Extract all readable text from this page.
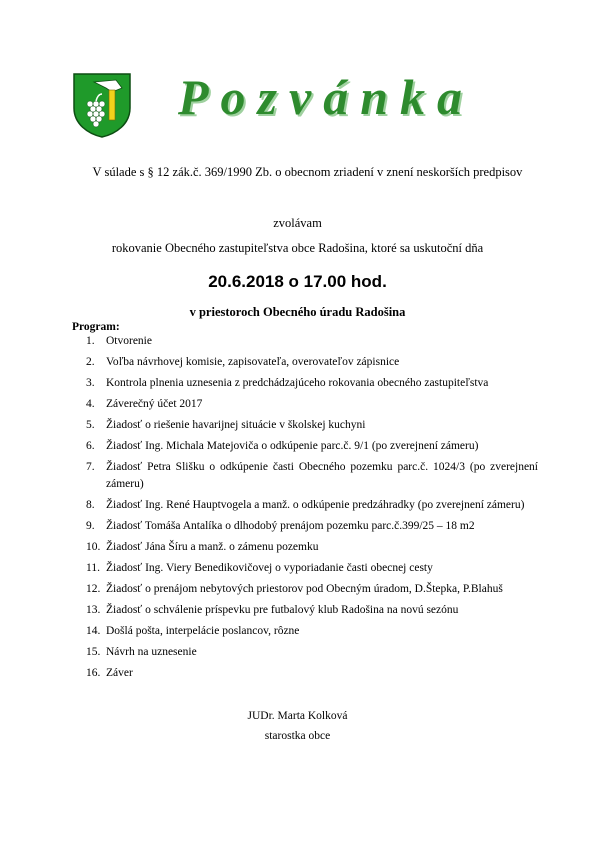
Pozvánka
V súlade s § 12 zák.č. 369/1990 Zb. o obecnom zriadení v znení neskorších predpisov
zvolávam
rokovanie Obecného zastupiteľstva obce Radošina, ktoré sa uskutoční dňa
20.6.2018 o 17.00 hod.
v priestoroch Obecného úradu Radošina
Program:
1. Otvorenie
2. Voľba návrhovej komisie, zapisovateľa, overovateľov zápisnice
3. Kontrola plnenia uznesenia z predchádzajúceho rokovania obecného zastupiteľstva
4. Záverečný účet 2017
5. Žiadosť o riešenie havarijnej situácie v školskej kuchyni
6. Žiadosť Ing. Michala Matejoviča o odkúpenie parc.č. 9/1 (po zverejnení zámeru)
7. Žiadosť Petra Slišku o odkúpenie časti Obecného pozemku parc.č. 1024/3 (po zverejnení zámeru)
8. Žiadosť Ing. René Hauptvogela a manž. o odkúpenie predzáhradky (po zverejnení zámeru)
9. Žiadosť Tomáša Antalíka o dlhodobý prenájom pozemku parc.č.399/25 – 18 m2
10. Žiadosť Jána Šíru a manž. o zámenu pozemku
11. Žiadosť Ing. Viery Benedikovičovej o vyporiadanie časti obecnej cesty
12. Žiadosť o prenájom nebytových priestorov pod Obecným úradom, D.Štepka, P.Blahuš
13. Žiadosť o schválenie príspevku pre futbalový klub Radošina na novú sezónu
14. Došlá pošta, interpelácie poslancov, rôzne
15. Návrh na uznesenie
16. Záver
JUDr. Marta Kolková
starostka obce
